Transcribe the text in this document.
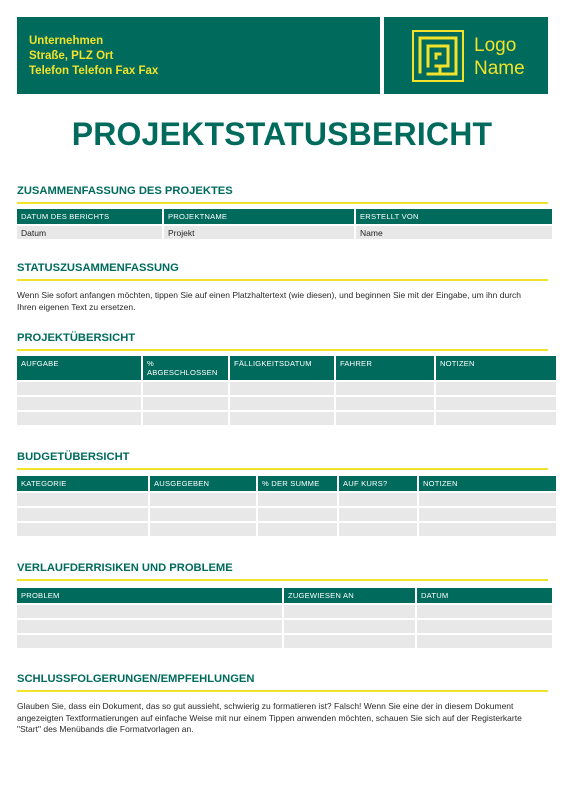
Unternehmen
Straße, PLZ Ort
Telefon Telefon Fax Fax
Logo
Name
PROJEKTSTATUSBERICHT
ZUSAMMENFASSUNG DES PROJEKTES
DATUM DES BERICHTS	PROJEKTNAME	ERSTELLT VON
Datum	Projekt	Name
STATUSZUSAMMENFASSUNG
Wenn Sie sofort anfangen möchten, tippen Sie auf einen Platzhaltertext (wie diesen), und beginnen Sie mit der Eingabe, um ihn durch Ihren eigenen Text zu ersetzen.
PROJEKTÜBERSICHT
AUFGABE	% ABGESCHLOSSEN	FÄLLIGKEITSDATUM	FAHRER	NOTIZEN

BUDGETÜBERSICHT
KATEGORIE	AUSGEGEBEN	% DER SUMME	AUF KURS?	NOTIZEN

VERLAUFDERRISIKEN UND PROBLEME
PROBLEM	ZUGEWIESEN AN	DATUM

SCHLUSSFOLGERUNGEN/EMPFEHLUNGEN
Glauben Sie, dass ein Dokument, das so gut aussieht, schwierig zu formatieren ist? Falsch! Wenn Sie eine der in diesem Dokument angezeigten Textformatierungen auf einfache Weise mit nur einem Tippen anwenden möchten, schauen Sie sich auf der Registerkarte "Start" des Menübands die Formatvorlagen an.
